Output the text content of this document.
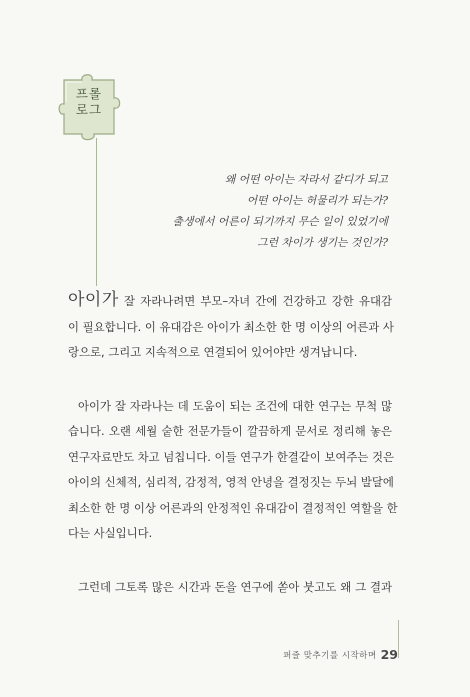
프롤
로그
왜 어떤 아이는 자라서 같디가 되고
어떤 아이는 허물리가 되는가?
출생에서 어른이 되기까지 무슨 일이 있었기에
그런 차이가 생기는 것인가?
아이가 잘 자라나려면 부모–자녀 간에 건강하고 강한 유대감
이 필요합니다. 이 유대감은 아이가 최소한 한 명 이상의 어른과 사
랑으로, 그리고 지속적으로 연결되어 있어야만 생겨납니다.
아이가 잘 자라나는 데 도움이 되는 조건에 대한 연구는 무척 많
습니다. 오랜 세월 숱한 전문가들이 깔끔하게 문서로 정리해 놓은
연구자료만도 차고 넘칩니다. 이들 연구가 한결같이 보여주는 것은
아이의 신체적, 심리적, 감정적, 영적 안녕을 결정짓는 두뇌 발달에
최소한 한 명 이상 어른과의 안정적인 유대감이 결정적인 역할을 한
다는 사실입니다.
그런데 그토록 많은 시간과 돈을 연구에 쏟아 붓고도 왜 그 결과
퍼즐 맞추기를 시작하며 29
